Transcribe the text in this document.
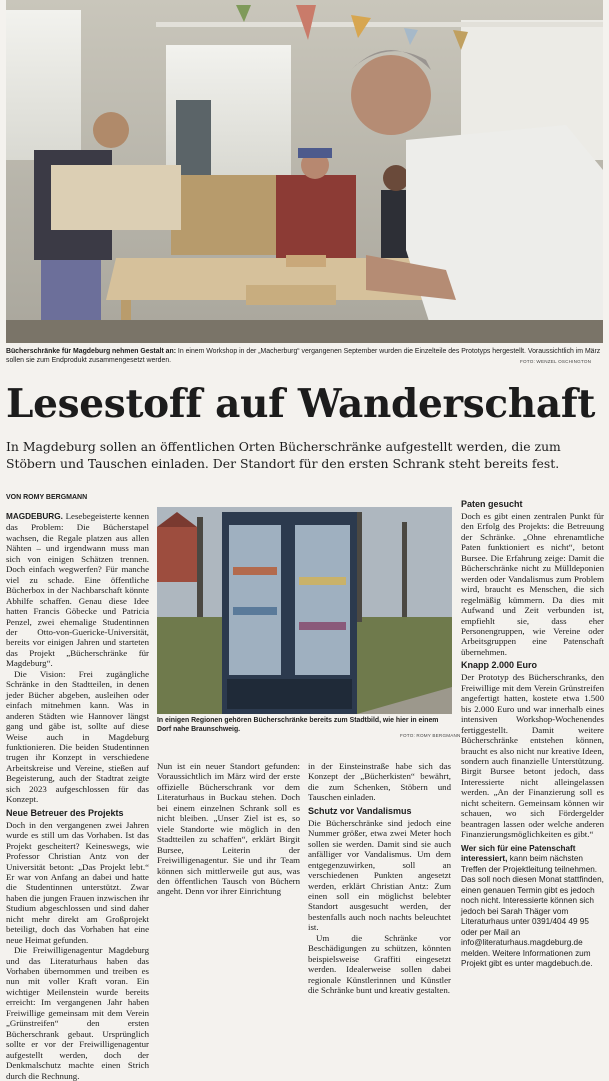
Bücherschränke für Magdeburg nehmen Gestalt an: In einem Workshop in der „Macherburg“ vergangenen September wurden die Einzelteile des Prototyps hergestellt. Voraussichtlich im März sollen sie zum Endprodukt zusammengesetzt werden.	FOTO: WENZEL OSCHINGTON
Lesestoff auf Wanderschaft
In Magdeburg sollen an öffentlichen Orten Bücherschränke aufgestellt werden, die zum Stöbern und Tauschen einladen. Der Standort für den ersten Schrank steht bereits fest.
VON ROMY BERGMANN

MAGDEBURG. Lesebegeisterte kennen das Problem: Die Bücherstapel wachsen, die Regale platzen aus allen Nähten – und irgendwann muss man sich von einigen Schätzen trennen. Doch einfach wegwerfen? Für manche viel zu schade. Eine öffentliche Bücherbox in der Nachbarschaft könnte Abhilfe schaffen. Genau diese Idee hatten Francis Göbecke und Patricia Penzel, zwei ehemalige Studentinnen der Otto-von-Guericke-Universität, bereits vor einigen Jahren und starteten das Projekt „Bücherschränke für Magdeburg“.

Die Vision: Frei zugängliche Schränke in den Stadtteilen, in denen jeder Bücher abgeben, ausleihen oder einfach mitnehmen kann. Was in anderen Städten wie Hannover längst gang und gäbe ist, sollte auf diese Weise auch in Magdeburg funktionieren. Die beiden Studentinnen trugen ihr Konzept in verschiedene Arbeitskreise und Vereine, stießen auf Begeisterung, auch der Stadtrat zeigte sich 2023 aufgeschlossen für das Konzept.

Neue Betreuer des Projekts

Doch in den vergangenen zwei Jahren wurde es still um das Vorhaben. Ist das Projekt gescheitert? Keineswegs, wie Professor Christian Antz von der Universität betont: „Das Projekt lebt.“ Er war von Anfang an dabei und hatte die Studentinnen unterstützt. Zwar haben die jungen Frauen inzwischen ihr Studium abgeschlossen und sind daher nicht mehr direkt am Großprojekt beteiligt, doch das Vorhaben hat eine neue Heimat gefunden.

Die Freiwilligenagentur Magdeburg und das Literaturhaus haben das Vorhaben übernommen und treiben es nun mit voller Kraft voran. Ein wichtiger Meilenstein wurde bereits erreicht: Im vergangenen Jahr haben Freiwillige gemeinsam mit dem Verein „Grünstreifen“ den ersten Bücherschrank gebaut. Ursprünglich sollte er vor der Freiwilligenagentur aufgestellt werden, doch der Denkmalschutz machte einen Strich durch die Rechnung.

In einigen Regionen gehören Bücherschränke bereits zum Stadtbild, wie hier in einem Dorf nahe Braunschweig.
FOTO: ROMY BERGMANN

Nun ist ein neuer Standort gefunden: Voraussichtlich im März wird der erste offizielle Bücherschrank vor dem Literaturhaus in Buckau stehen. Doch bei einem einzelnen Schrank soll es nicht bleiben. „Unser Ziel ist es, so viele Standorte wie möglich in den Stadtteilen zu schaffen“, erklärt Birgit Bursee, Leiterin der Freiwilligenagentur. Sie und ihr Team können sich mittlerweile gut aus, was den öffentlichen Tausch von Büchern angeht. Denn vor ihrer Einrichtung

in der Einsteinstraße habe sich das Konzept der „Bücherkisten“ bewährt, die zum Schenken, Stöbern und Tauschen einladen.

Schutz vor Vandalismus

Die Bücherschränke sind jedoch eine Nummer größer, etwa zwei Meter hoch sollen sie werden. Damit sind sie auch anfälliger vor Vandalismus. Um dem entgegenzuwirken, soll an verschiedenen Punkten angesetzt werden, erklärt Christian Antz: Zum einen soll ein möglichst belebter Standort ausgesucht werden, der bestenfalls auch noch nachts beleuchtet ist.

Um die Schränke vor Beschädigungen zu schützen, könnten beispielsweise Graffiti eingesetzt werden. Idealerweise sollen dabei regionale Künstlerinnen und Künstler die Schränke bunt und kreativ gestalten.

Paten gesucht

Doch es gibt einen zentralen Punkt für den Erfolg des Projekts: die Betreuung der Schränke. „Ohne ehrenamtliche Paten funktioniert es nicht“, betont Bursee. Die Erfahrung zeige: Damit die Bücherschränke nicht zu Mülldeponien werden oder Vandalismus zum Problem wird, braucht es Menschen, die sich regelmäßig kümmern. Da dies mit Aufwand und Zeit verbunden ist, empfiehlt sie, dass eher Personengruppen, wie Vereine oder Arbeitsgruppen eine Patenschaft übernehmen.

Knapp 2.000 Euro

Der Prototyp des Bücherschranks, den Freiwillige mit dem Verein Grünstreifen angefertigt hatten, kostete etwa 1.500 bis 2.000 Euro und war innerhalb eines intensiven Workshop-Wochenendes fertiggestellt. Damit weitere Bücherschränke entstehen können, braucht es also nicht nur kreative Ideen, sondern auch finanzielle Unterstützung. Birgit Bursee betont jedoch, dass Interessierte nicht alleingelassen werden. „An der Finanzierung soll es nicht scheitern. Gemeinsam können wir schauen, wo sich Fördergelder beantragen lassen oder welche anderen Finanzierungsmöglichkeiten es gibt.“

Wer sich für eine Patenschaft interessiert, kann beim nächsten Treffen der Projektleitung teilnehmen. Das soll noch diesen Monat stattfinden, einen genauen Termin gibt es jedoch noch nicht. Interessierte können sich jedoch bei Sarah Thäger vom Literaturhaus unter 0391/404 49 95 oder per Mail an info@literaturhaus.magdeburg.de melden. Weitere Informationen zum Projekt gibt es unter magdebuch.de.
